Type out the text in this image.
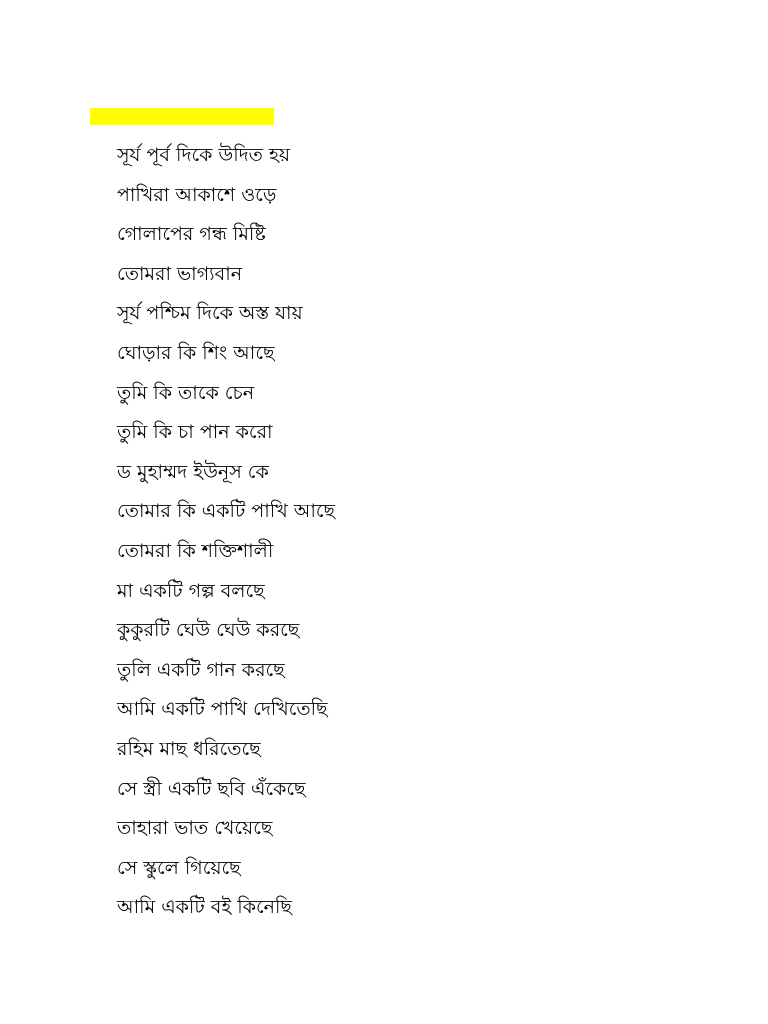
সূর্য পূর্ব দিকে উদিত হয়
পাখিরা আকাশে ওড়ে
গোলাপের গন্ধ মিষ্টি
তোমরা ভাগ্যবান
সূর্য পশ্চিম দিকে অস্ত যায়
ঘোড়ার কি শিং আছে
তুমি কি তাকে চেন
তুমি কি চা পান করো
ড মুহাম্মদ ইউনূস কে
তোমার কি একটি পাখি আছে
তোমরা কি শক্তিশালী
মা একটি গল্প বলছে
কুকুরটি ঘেউ ঘেউ করছে
তুলি একটি গান করছে
আমি একটি পাখি দেখিতেছি
রহিম মাছ ধরিতেছে
সে স্ত্রী একটি ছবি এঁকেছে
তাহারা ভাত খেয়েছে
সে স্কুলে গিয়েছে
আমি একটি বই কিনেছি
